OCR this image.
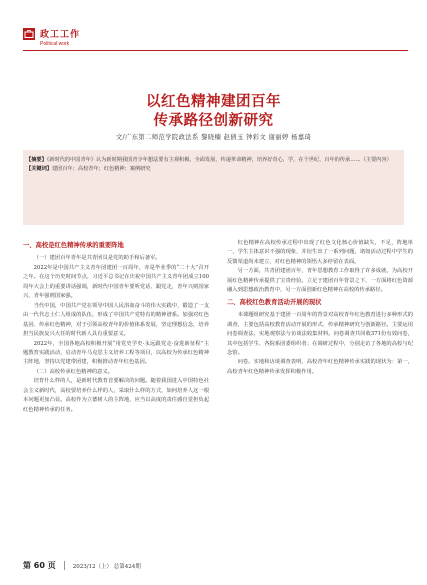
政工工作
Political work
以红色精神建团百年
传承路径创新研究
文/广东第二师范学院政法系 黎晓楠 赵倩玉 钟彩文 谢丽婷 杨嘉琦
【摘要】《新时代的中国青年》认为新时期我国青少年想法要有主观积极、全面发展、传递革命精神，培养好奇心，学，在个世纪、百年的传承……（主要内容）
【关键词】建团百年；高校青年；红色精神；案例研究
一、高校是红色精神传承的重要阵地

（一）建团百年青年是共青团员是党的助手和后备军。

2022年是中国共产主义青年团建团一百周年，亦是毕业季的“二十大”召开之年。在这个历史时间节点，习近平总书记在庆祝中国共产主义青年团成立100周年大会上的重要讲话强调，新时代中国青年要听党话、跟党走，青年兴则国家兴，青年强则国家强。

当代中国，中国共产党在领导中国人民浴血奋斗的伟大实践中，锻造了一支由一代代志士仁人组成的队伍，形成了中国共产党特有的精神谱系。加强对红色基因、传承红色精神，对于引领高校青年的价值体系发展，坚定理想信念，培养担当民族复兴大任的时代新人具有重要意义。

2022年，全国各地高校积极开展“用党史学史·永远跟党走·奋进新征程”主题教育实践活动，启动青年马克思主义培养工程等项目，以高校为传承红色精神主阵地，坚持以党建带团建，积极推动青年红色基因。

（二）高校传承红色精神的意义。

培育什么样的人，是新时代教育首要解决的问题。随着我国进入中国特色社会主义新时代，高校要培养什么样的人，采取什么样的方式，如何培养人这一根本问题更加凸显。高校作为立德树人的主阵地，应当以高度的责任感自觉担负起红色精神传承的任务。

红色精神在高校传承过程中出现了红色文化核心价值缺失，不足，阵地单一，学生主体意识不强的现象，并衍生出了一系列问题，诸如活动过程中学生的反馈渠道尚未建立，对红色精神的领悟大多停留在表面。

另一方面，共青团建团百年，青年思想教育工作取得了许多成就，为高校开展红色精神传承提供了宝贵经验。立足于建团百年背景之下，一方面将红色资源融入到思想政治教育中，另一方面创新红色精神在高校的传承路径。

二、高校红色教育活动开展的现状

本课题组研究基于建团一百周年的背景对高校青年红色教育进行多种形式的调查，主要包括高校教育活动开展的形式、传承精神研究与创新路径。主要运用问卷调查法、实地观察法与访谈法收集材料。问卷调查共回收371份有效问卷，其中包括学生、各院系团委组织者；在调研过程中，分别走访了各地的高校与纪念馆。

问卷。实地和访谈调查表明，高校青年红色精神传承实践的现状为：第一，高校青年红色精神传承发挥积极作用。

第 60 页	2023/12（上） 总第424期
